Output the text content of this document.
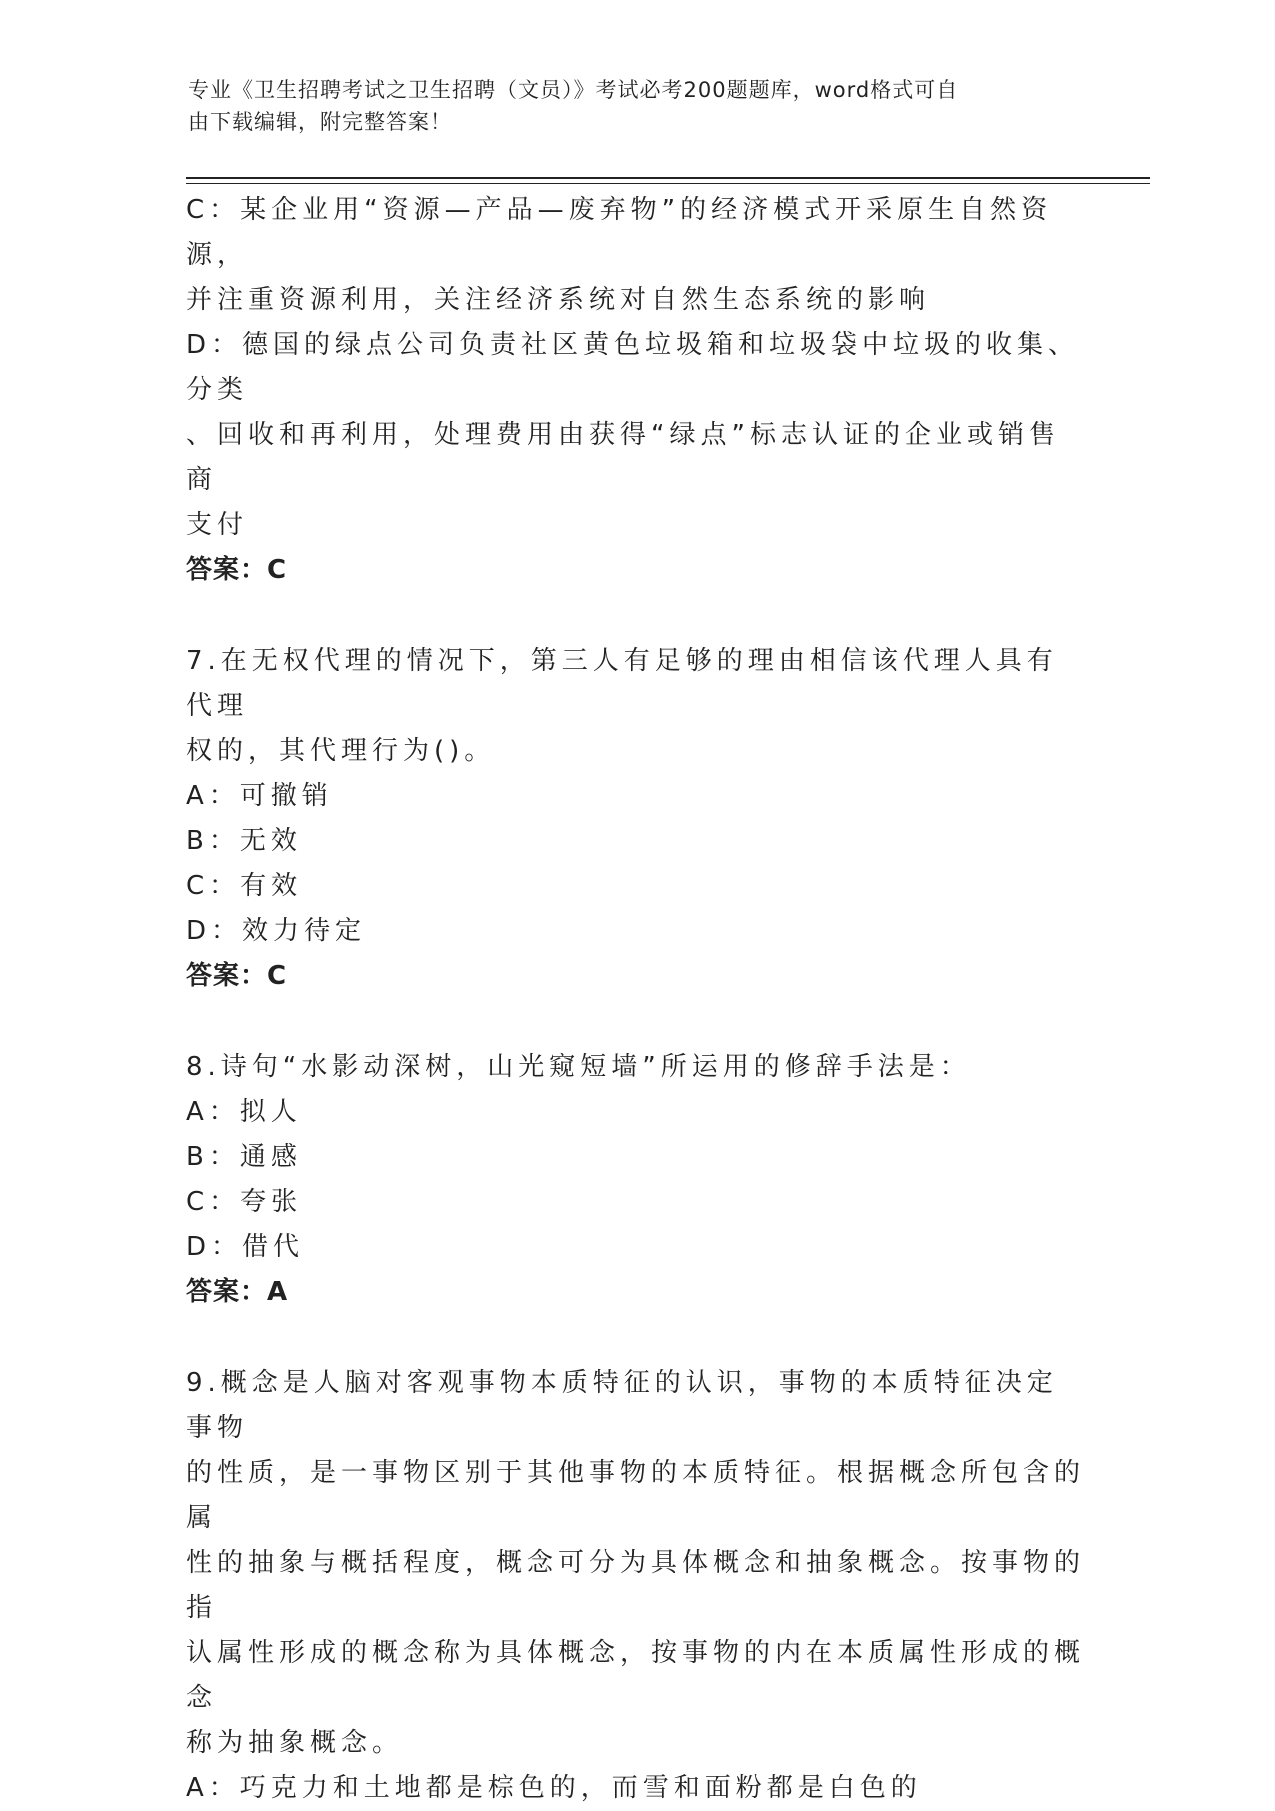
专业《卫生招聘考试之卫生招聘（文员）》考试必考200题题库，word格式可自
由下载编辑，附完整答案！
C：某企业用“资源—产品—废弃物”的经济模式开采原生自然资源，
并注重资源利用，关注经济系统对自然生态系统的影响
D：德国的绿点公司负责社区黄色垃圾箱和垃圾袋中垃圾的收集、分类
、回收和再利用，处理费用由获得“绿点”标志认证的企业或销售商
支付
答案：C
7.在无权代理的情况下，第三人有足够的理由相信该代理人具有代理
权的，其代理行为()。
A：可撤销
B：无效
C：有效
D：效力待定
答案：C
8.诗句“水影动深树，山光窥短墙”所运用的修辞手法是：
A：拟人
B：通感
C：夸张
D：借代
答案：A
9.概念是人脑对客观事物本质特征的认识，事物的本质特征决定事物
的性质，是一事物区别于其他事物的本质特征。根据概念所包含的属
性的抽象与概括程度，概念可分为具体概念和抽象概念。按事物的指
认属性形成的概念称为具体概念，按事物的内在本质属性形成的概念
称为抽象概念。
A：巧克力和土地都是棕色的，而雪和面粉都是白色的
